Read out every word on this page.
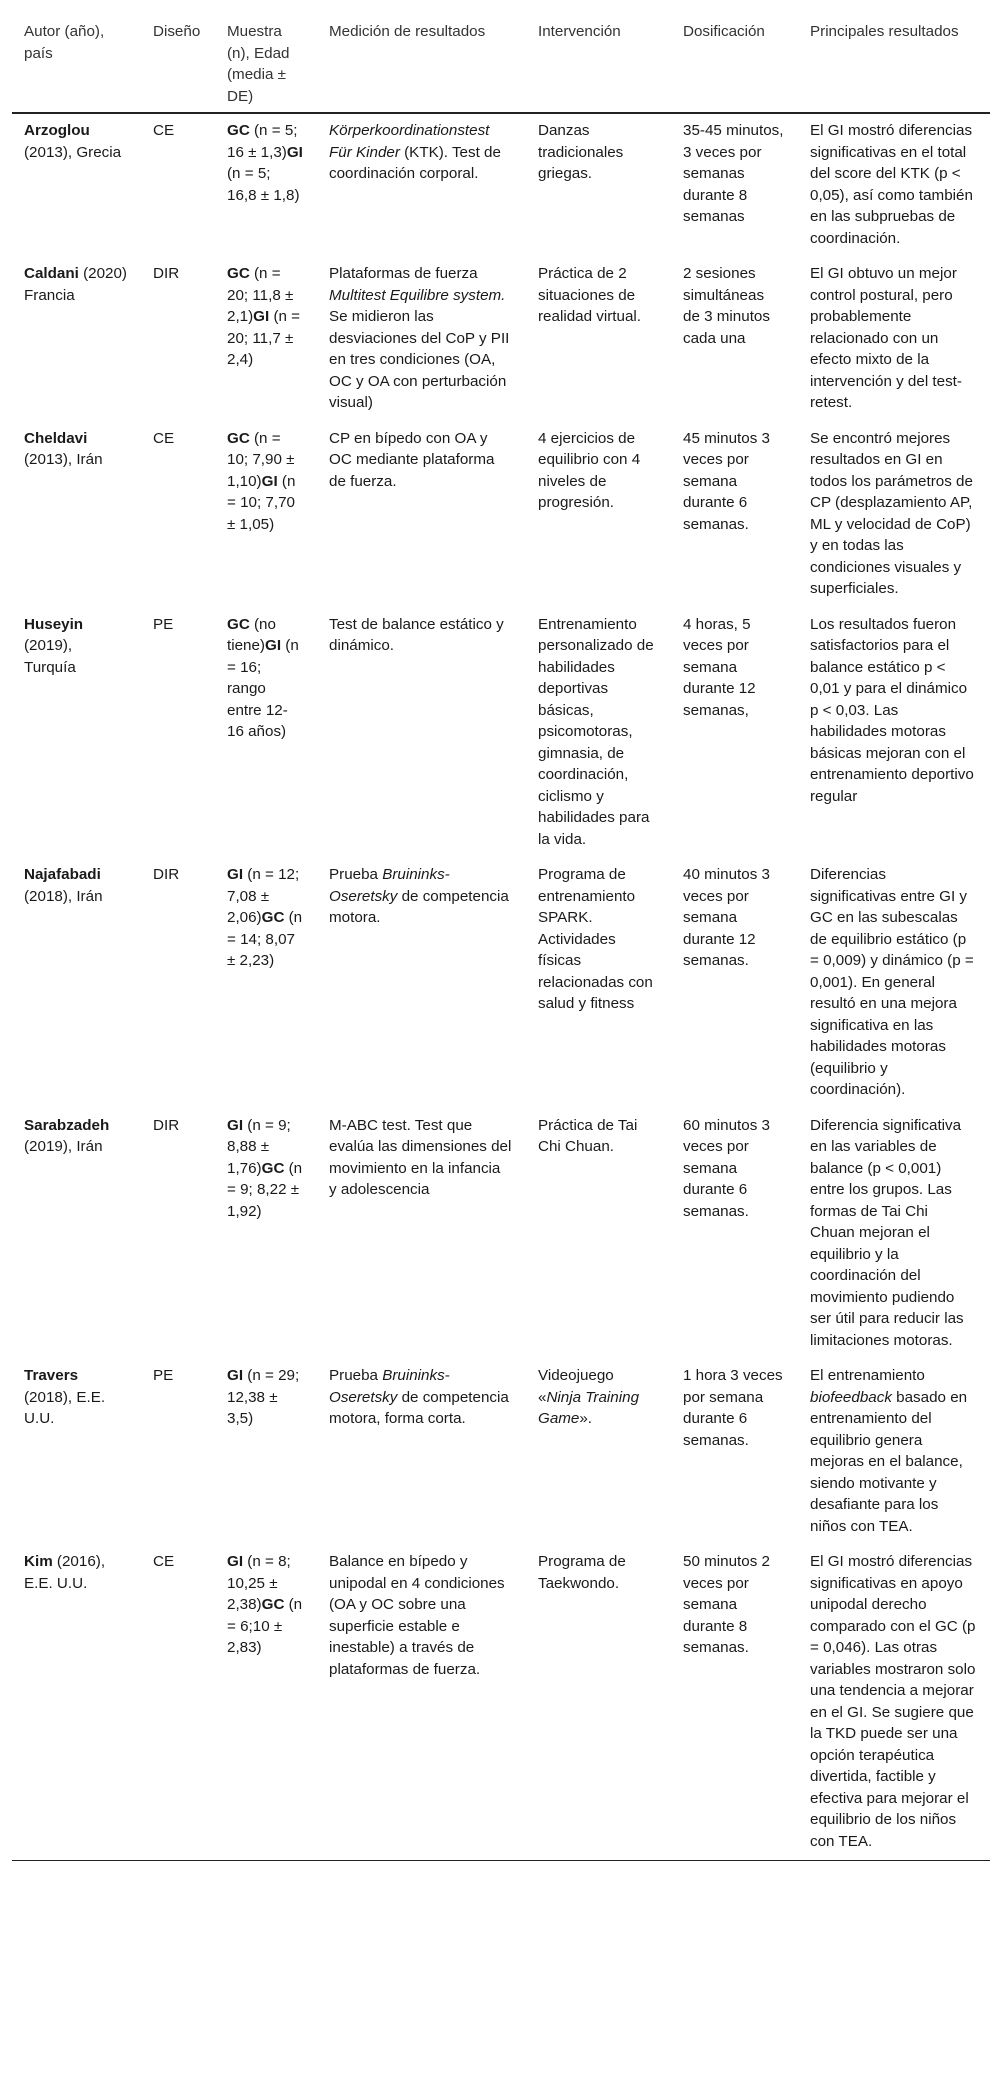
Autor (año), país	Diseño	Muestra (n), Edad (media ± DE)	Medición de resultados	Intervención	Dosificación	Principales resultados
Arzoglou (2013), Grecia	CE	GC (n = 5; 16 ± 1,3)GI (n = 5; 16,8 ± 1,8)	Körperkoordinationstest Für Kinder (KTK). Test de coordinación corporal.	Danzas tradicionales griegas.	35-45 minutos, 3 veces por semanas durante 8 semanas	El GI mostró diferencias significativas en el total del score del KTK (p < 0,05), así como también en las subpruebas de coordinación.
Caldani (2020) Francia	DIR	GC (n = 20; 11,8 ± 2,1)GI (n = 20; 11,7 ± 2,4)	Plataformas de fuerza Multitest Equilibre system. Se midieron las desviaciones del CoP y PII en tres condiciones (OA, OC y OA con perturbación visual)	Práctica de 2 situaciones de realidad virtual.	2 sesiones simultáneas de 3 minutos cada una	El GI obtuvo un mejor control postural, pero probablemente relacionado con un efecto mixto de la intervención y del test-retest.
Cheldavi (2013), Irán	CE	GC (n = 10; 7,90 ± 1,10)GI (n = 10; 7,70 ± 1,05)	CP en bípedo con OA y OC mediante plataforma de fuerza.	4 ejercicios de equilibrio con 4 niveles de progresión.	45 minutos 3 veces por semana durante 6 semanas.	Se encontró mejores resultados en GI en todos los parámetros de CP (desplazamiento AP, ML y velocidad de CoP) y en todas las condiciones visuales y superficiales.
Huseyin (2019), Turquía	PE	GC (no tiene)GI (n = 16; rango entre 12-16 años)	Test de balance estático y dinámico.	Entrenamiento personalizado de habilidades deportivas básicas, psicomotoras, gimnasia, de coordinación, ciclismo y habilidades para la vida.	4 horas, 5 veces por semana durante 12 semanas,	Los resultados fueron satisfactorios para el balance estático p < 0,01 y para el dinámico p < 0,03. Las habilidades motoras básicas mejoran con el entrenamiento deportivo regular
Najafabadi (2018), Irán	DIR	GI (n = 12; 7,08 ± 2,06)GC (n = 14; 8,07 ± 2,23)	Prueba Bruininks-Oseretsky de competencia motora.	Programa de entrenamiento SPARK. Actividades físicas relacionadas con salud y fitness	40 minutos 3 veces por semana durante 12 semanas.	Diferencias significativas entre GI y GC en las subescalas de equilibrio estático (p = 0,009) y dinámico (p = 0,001). En general resultó en una mejora significativa en las habilidades motoras (equilibrio y coordinación).
Sarabzadeh (2019), Irán	DIR	GI (n = 9; 8,88 ± 1,76)GC (n = 9; 8,22 ± 1,92)	M-ABC test. Test que evalúa las dimensiones del movimiento en la infancia y adolescencia	Práctica de Tai Chi Chuan.	60 minutos 3 veces por semana durante 6 semanas.	Diferencia significativa en las variables de balance (p < 0,001) entre los grupos. Las formas de Tai Chi Chuan mejoran el equilibrio y la coordinación del movimiento pudiendo ser útil para reducir las limitaciones motoras.
Travers (2018), E.E. U.U.	PE	GI (n = 29; 12,38 ± 3,5)	Prueba Bruininks-Oseretsky de competencia motora, forma corta.	Videojuego «Ninja Training Game».	1 hora 3 veces por semana durante 6 semanas.	El entrenamiento biofeedback basado en entrenamiento del equilibrio genera mejoras en el balance, siendo motivante y desafiante para los niños con TEA.
Kim (2016), E.E. U.U.	CE	GI (n = 8; 10,25 ± 2,38)GC (n = 6;10 ± 2,83)	Balance en bípedo y unipodal en 4 condiciones (OA y OC sobre una superficie estable e inestable) a través de plataformas de fuerza.	Programa de Taekwondo.	50 minutos 2 veces por semana durante 8 semanas.	El GI mostró diferencias significativas en apoyo unipodal derecho comparado con el GC (p = 0,046). Las otras variables mostraron solo una tendencia a mejorar en el GI. Se sugiere que la TKD puede ser una opción terapéutica divertida, factible y efectiva para mejorar el equilibrio de los niños con TEA.
